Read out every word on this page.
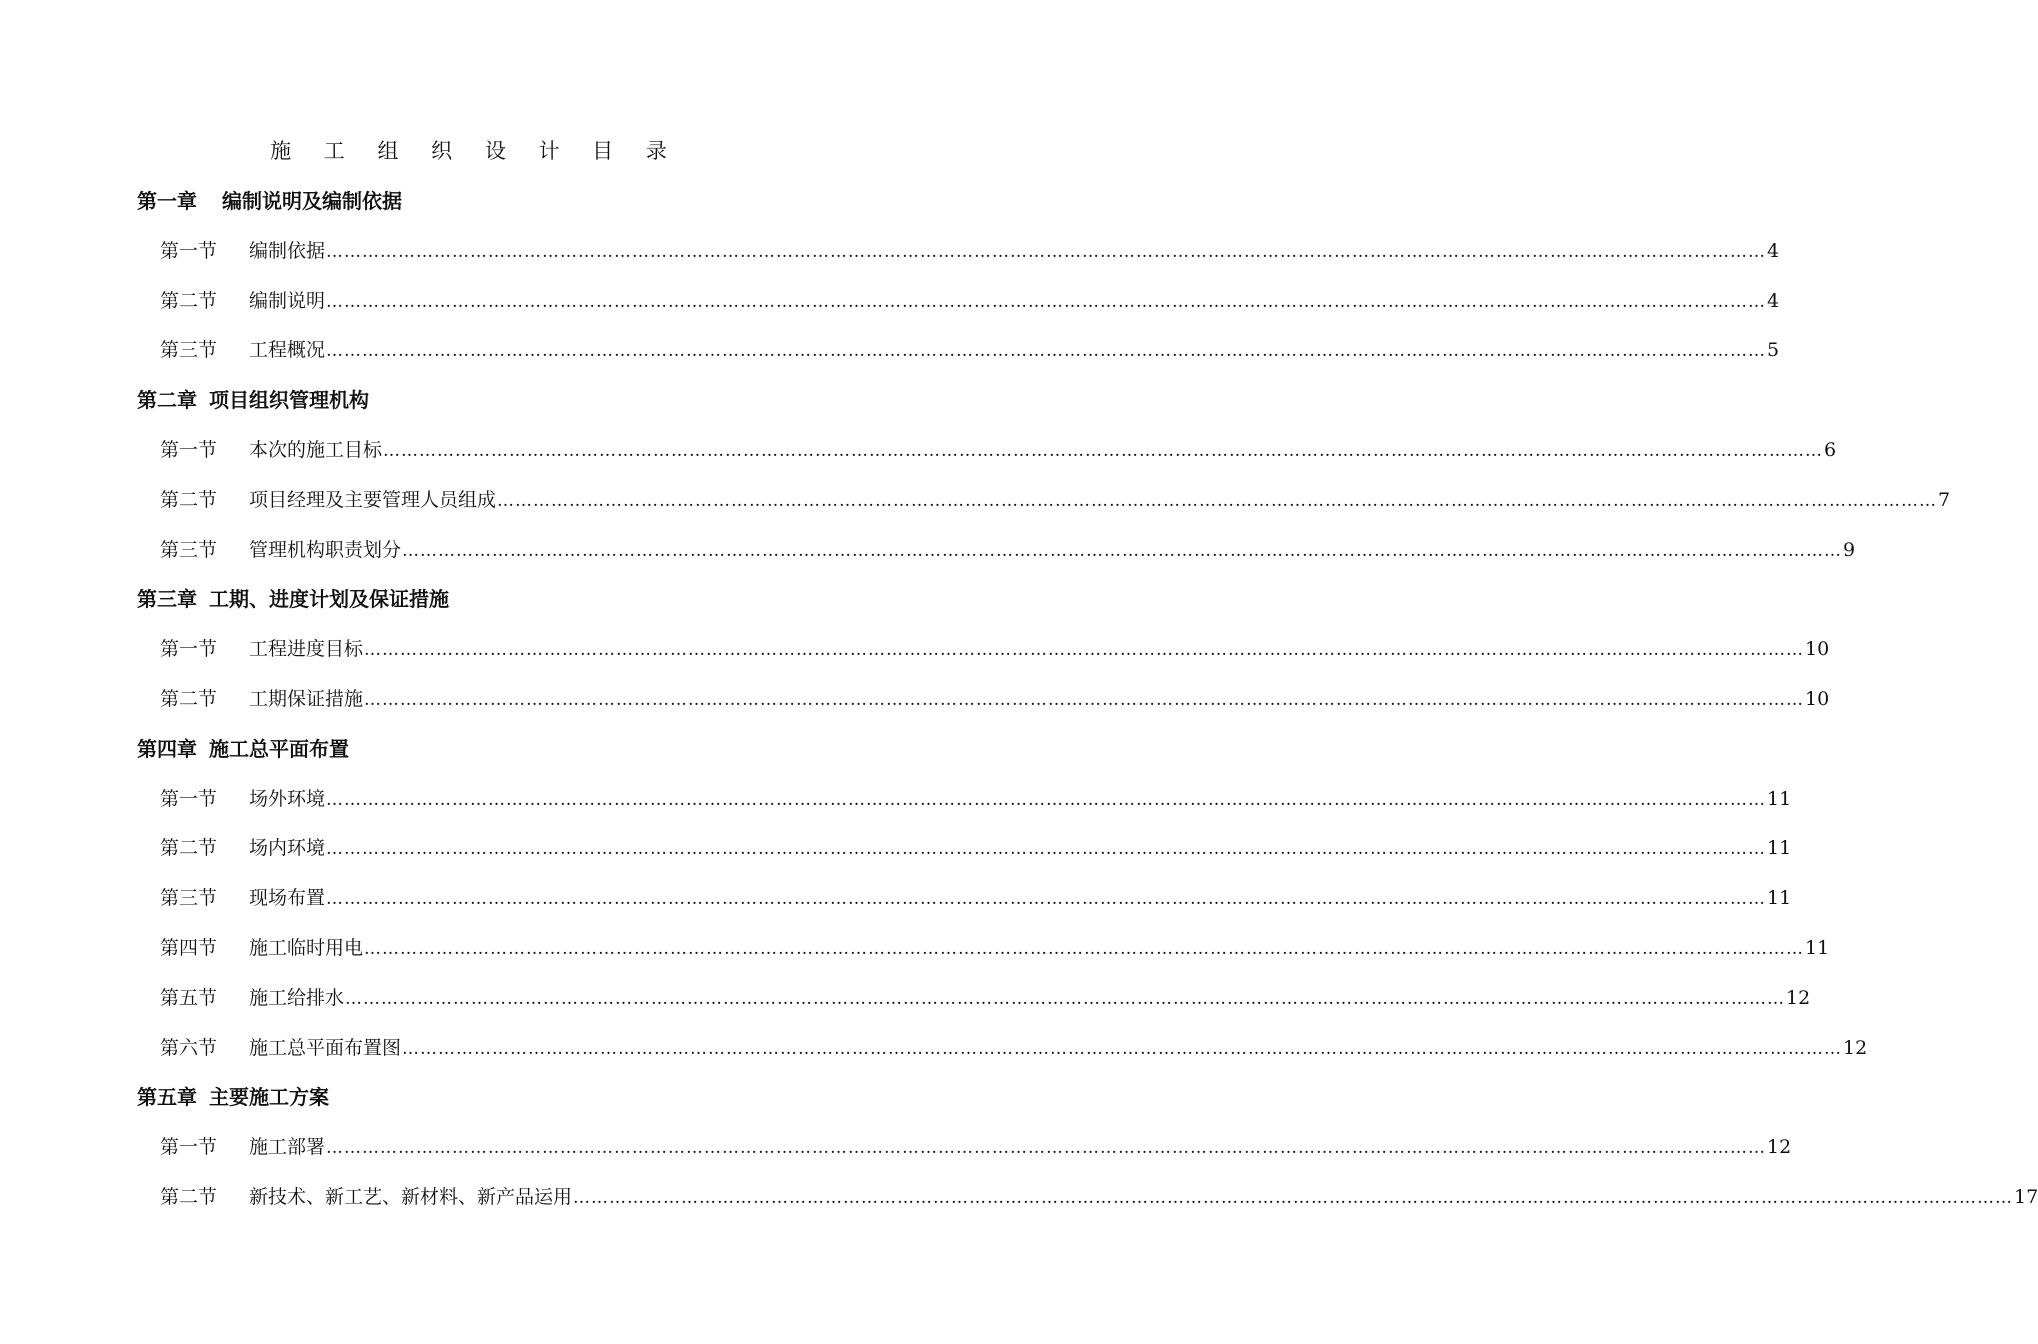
施 工 组 织 设 计 目 录
第一章 编制说明及编制依据
第一节 编制依据 …………………………………………………………………………………………………………………………………………………………………………………………………………………… 4
第二节 编制说明 …………………………………………………………………………………………………………………………………………………………………………………………………………………… 4
第三节 工程概况 …………………………………………………………………………………………………………………………………………………………………………………………………………………… 5
第二章 项目组织管理机构
第一节 本次的施工目标 …………………………………………………………………………………………………………………………………………………………………………………………………………………… 6
第二节 项目经理及主要管理人员组成 …………………………………………………………………………………………………………………………………………………………………………………………………………………… 7
第三节 管理机构职责划分 …………………………………………………………………………………………………………………………………………………………………………………………………………………… 9
第三章 工期、进度计划及保证措施
第一节 工程进度目标 …………………………………………………………………………………………………………………………………………………………………………………………………………………… 10
第二节 工期保证措施 …………………………………………………………………………………………………………………………………………………………………………………………………………………… 10
第四章 施工总平面布置
第一节 场外环境 …………………………………………………………………………………………………………………………………………………………………………………………………………………… 11
第二节 场内环境 …………………………………………………………………………………………………………………………………………………………………………………………………………………… 11
第三节 现场布置 …………………………………………………………………………………………………………………………………………………………………………………………………………………… 11
第四节 施工临时用电 …………………………………………………………………………………………………………………………………………………………………………………………………………………… 11
第五节 施工给排水 …………………………………………………………………………………………………………………………………………………………………………………………………………………… 12
第六节 施工总平面布置图 …………………………………………………………………………………………………………………………………………………………………………………………………………………… 12
第五章 主要施工方案
第一节 施工部署 …………………………………………………………………………………………………………………………………………………………………………………………………………………… 12
第二节 新技术、新工艺、新材料、新产品运用 …………………………………………………………………………………………………………………………………………………………………………………………………………………… 17
